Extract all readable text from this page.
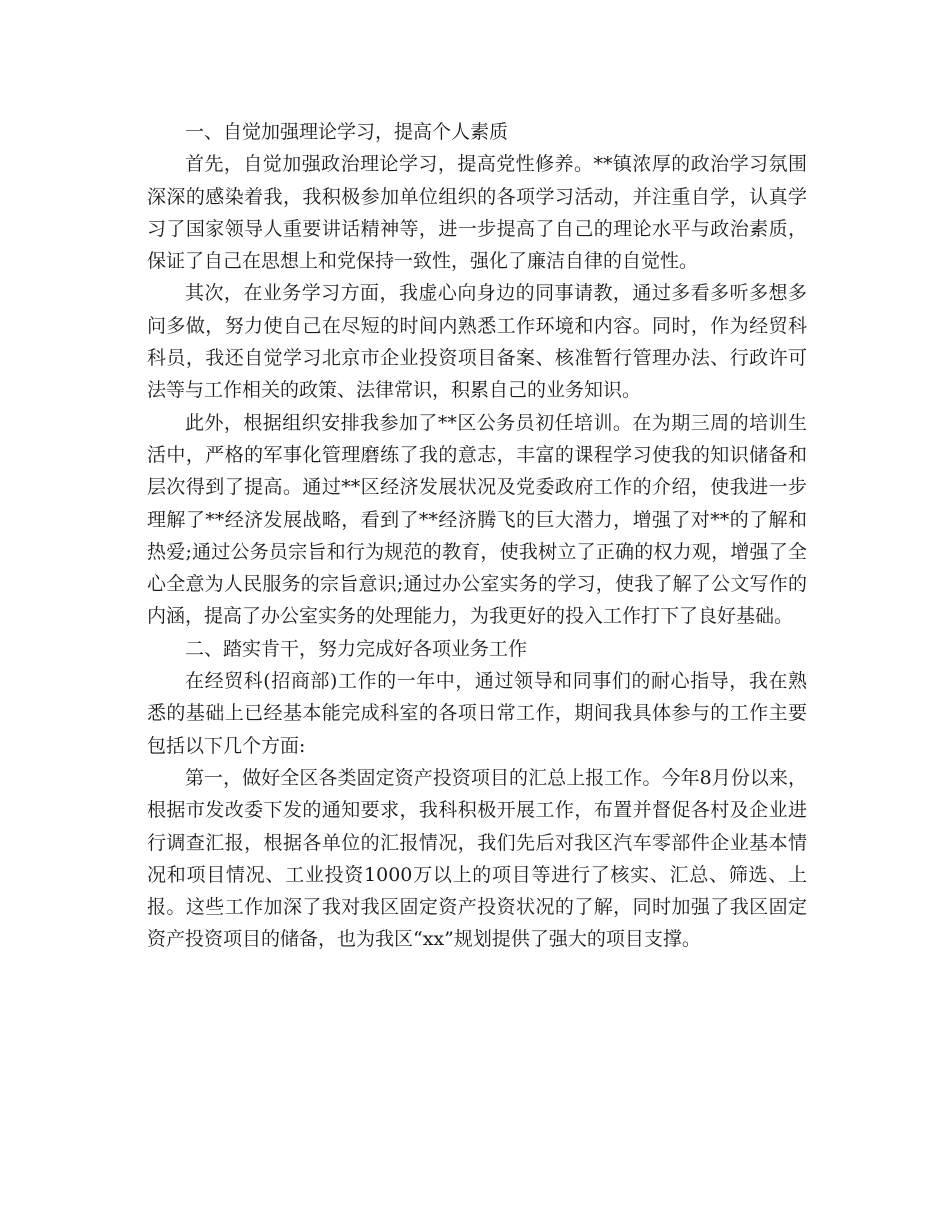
一、自觉加强理论学习，提高个人素质

首先，自觉加强政治理论学习，提高党性修养。**镇浓厚的政治学习氛围深深的感染着我，我积极参加单位组织的各项学习活动，并注重自学，认真学习了国家领导人重要讲话精神等，进一步提高了自己的理论水平与政治素质，保证了自己在思想上和党保持一致性，强化了廉洁自律的自觉性。

其次，在业务学习方面，我虚心向身边的同事请教，通过多看多听多想多问多做，努力使自己在尽短的时间内熟悉工作环境和内容。同时，作为经贸科科员，我还自觉学习北京市企业投资项目备案、核准暂行管理办法、行政许可法等与工作相关的政策、法律常识，积累自己的业务知识。

此外，根据组织安排我参加了**区公务员初任培训。在为期三周的培训生活中，严格的军事化管理磨练了我的意志，丰富的课程学习使我的知识储备和层次得到了提高。通过**区经济发展状况及党委政府工作的介绍，使我进一步理解了**经济发展战略，看到了**经济腾飞的巨大潜力，增强了对**的了解和热爱;通过公务员宗旨和行为规范的教育，使我树立了正确的权力观，增强了全心全意为人民服务的宗旨意识;通过办公室实务的学习，使我了解了公文写作的内涵，提高了办公室实务的处理能力，为我更好的投入工作打下了良好基础。

二、踏实肯干，努力完成好各项业务工作

在经贸科(招商部)工作的一年中，通过领导和同事们的耐心指导，我在熟悉的基础上已经基本能完成科室的各项日常工作，期间我具体参与的工作主要包括以下几个方面:

第一，做好全区各类固定资产投资项目的汇总上报工作。今年8月份以来，根据市发改委下发的通知要求，我科积极开展工作，布置并督促各村及企业进行调查汇报，根据各单位的汇报情况，我们先后对我区汽车零部件企业基本情况和项目情况、工业投资1000万以上的项目等进行了核实、汇总、筛选、上报。这些工作加深了我对我区固定资产投资状况的了解，同时加强了我区固定资产投资项目的储备，也为我区“xx”规划提供了强大的项目支撑。
